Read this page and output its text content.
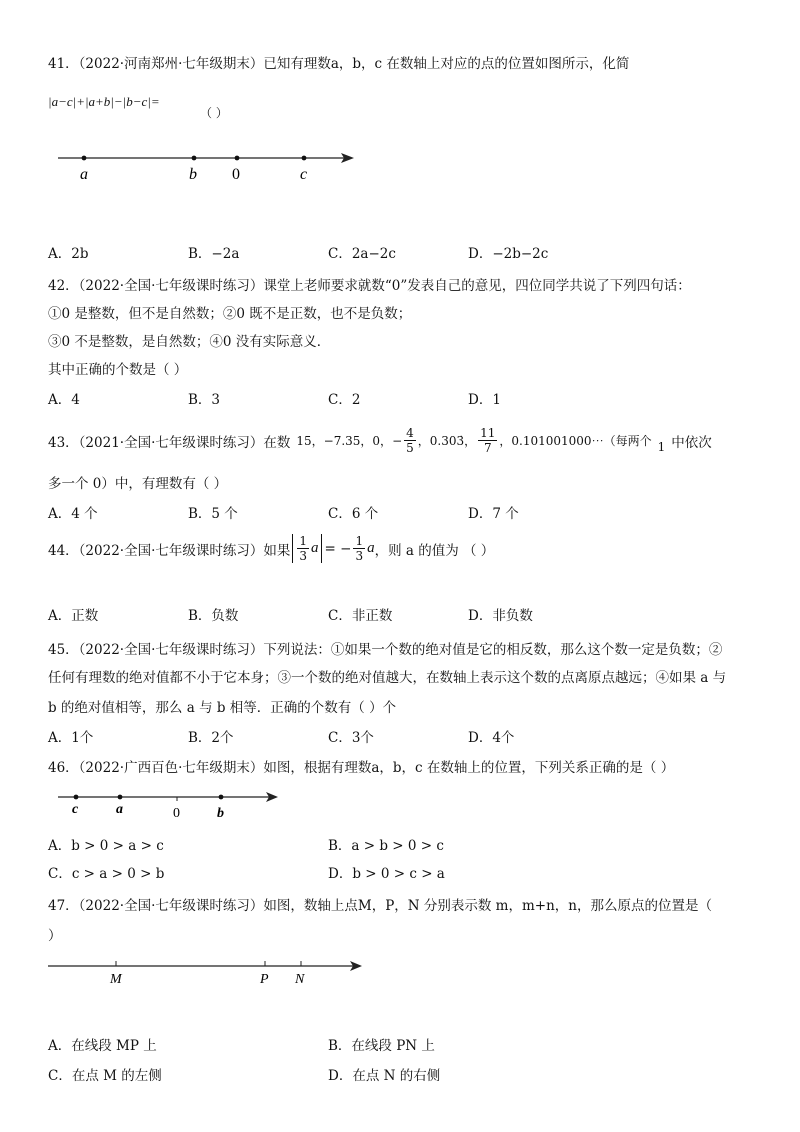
41．（2022·河南郑州·七年级期末）已知有理数a，b，c 在数轴上对应的点的位置如图所示，化简
|a−c|+|a+b|−|b−c|=
（ ）
a	b 0	c
A．2b	B．−2a	C．2a−2c	D．−2b−2c
42．（2022·全国·七年级课时练习）课堂上老师要求就数“0”发表自己的意见，四位同学共说了下列四句话：
①0 是整数，但不是自然数；②0 既不是正数，也不是负数；
③0 不是整数，是自然数；④0 没有实际意义．
其中正确的个数是（ ）
A．4	B．3	C．2	D．1
43．（2021·全国·七年级课时练习）在数 15，−7.35，0， − $\frac{4}{5}$ ，0.303̇， $\frac{11}{7}$ ，0.101001000⋯（每两个 1 中依次
多一个 0）中，有理数有（ ）
A．4 个	B．5 个	C．6 个	D．7 个
44．（2022·全国·七年级课时练习）如果 $\frac{1}{3}$ a = − $\frac{1}{3}$ a ，则 a 的值为 （ ）
A．正数	B．负数	C．非正数	D．非负数
45．（2022·全国·七年级课时练习）下列说法：①如果一个数的绝对值是它的相反数，那么这个数一定是负数；②
任何有理数的绝对值都不小于它本身；③一个数的绝对值越大，在数轴上表示这个数的点离原点越远；④如果 a 与
b 的绝对值相等，那么 a 与 b 相等．正确的个数有（ ）个
A．1个	B．2个	C．3个	D．4个
46．（2022·广西百色·七年级期末）如图，根据有理数a，b，c 在数轴上的位置，下列关系正确的是（ ）
c	a	0	b
A．b > 0 > a > c	B．a > b > 0 > c
C．c > a > 0 > b	D．b > 0 > c > a
47．（2022·全国·七年级课时练习）如图，数轴上点M，P，N 分别表示数 m，m+n，n，那么原点的位置是（
）
M	P N
A．在线段 MP 上	B．在线段 PN 上
C．在点 M 的左侧	D．在点 N 的右侧
